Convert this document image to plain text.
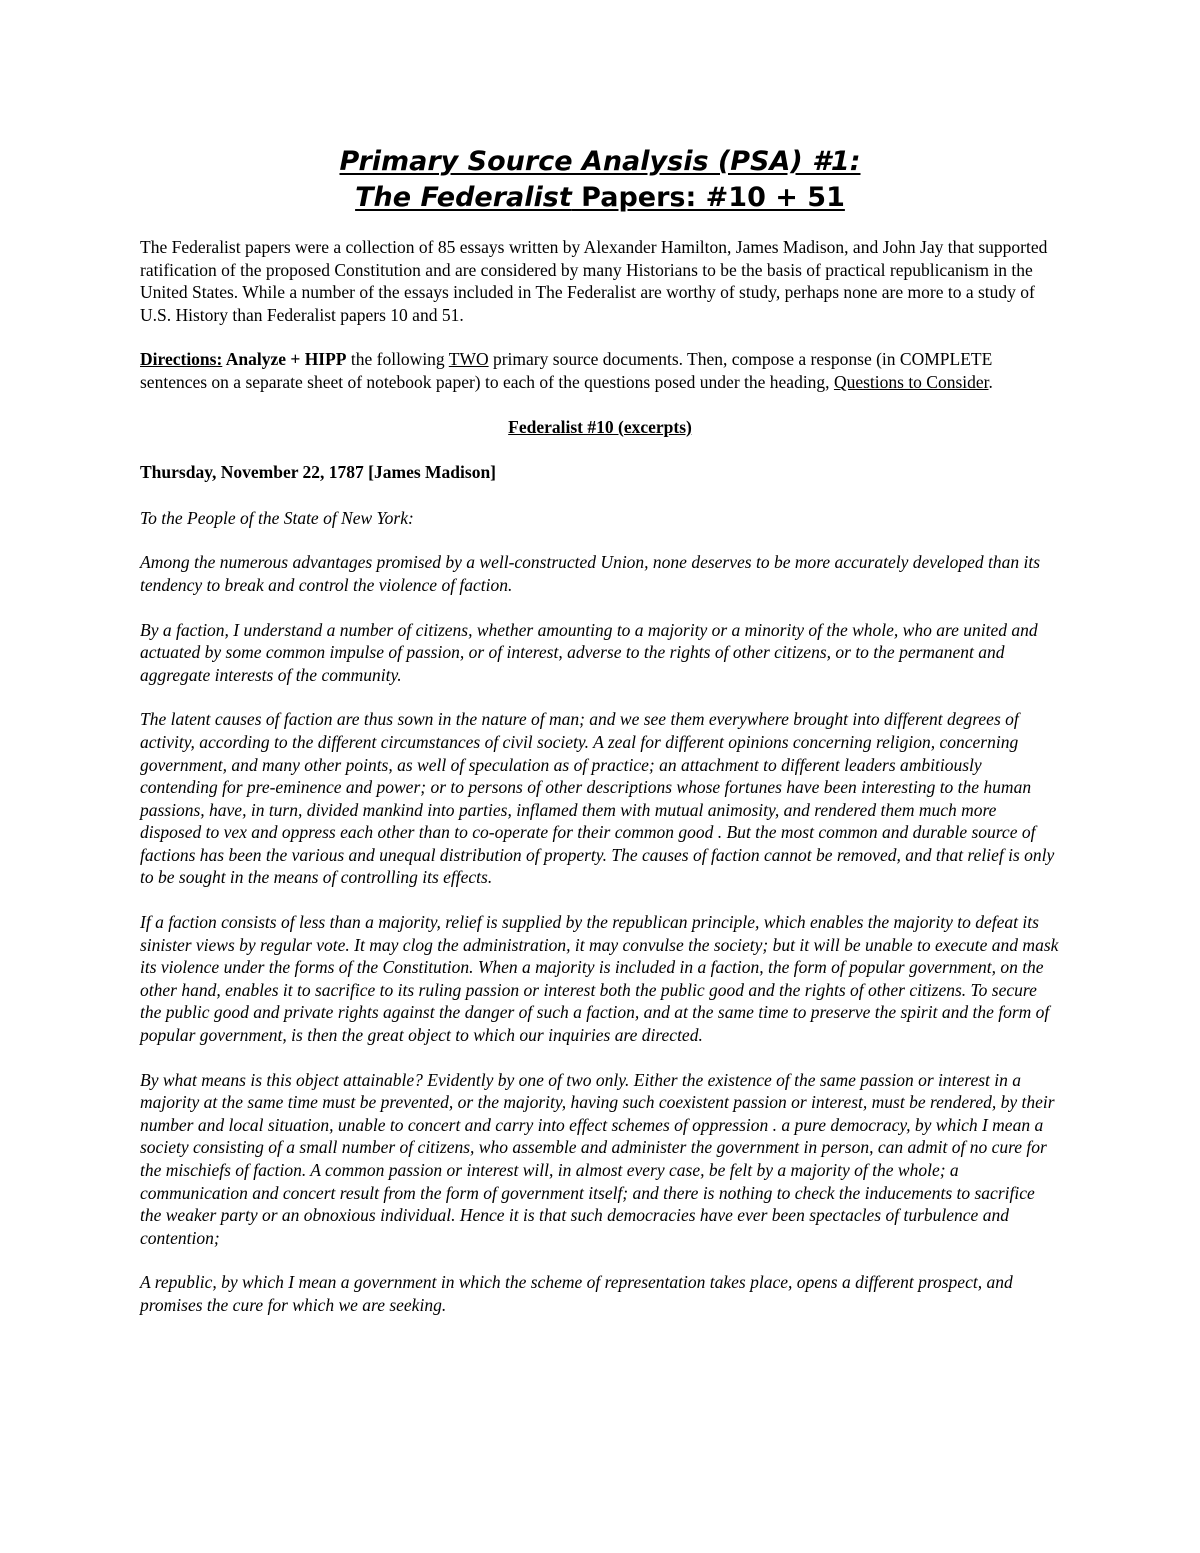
Primary Source Analysis (PSA) #1:
The Federalist Papers: #10 + 51

The Federalist papers were a collection of 85 essays written by Alexander Hamilton, James Madison, and John Jay that supported ratification of the proposed Constitution and are considered by many Historians to be the basis of practical republicanism in the United States. While a number of the essays included in The Federalist are worthy of study, perhaps none are more to a study of U.S. History than Federalist papers 10 and 51.

Directions: Analyze + HIPP the following TWO primary source documents. Then, compose a response (in COMPLETE sentences on a separate sheet of notebook paper) to each of the questions posed under the heading, Questions to Consider.

Federalist #10 (excerpts)

Thursday, November 22, 1787 [James Madison]

To the People of the State of New York:

Among the numerous advantages promised by a well-constructed Union, none deserves to be more accurately developed than its tendency to break and control the violence of faction.

By a faction, I understand a number of citizens, whether amounting to a majority or a minority of the whole, who are united and actuated by some common impulse of passion, or of interest, adverse to the rights of other citizens, or to the permanent and aggregate interests of the community.

The latent causes of faction are thus sown in the nature of man; and we see them everywhere brought into different degrees of activity, according to the different circumstances of civil society. A zeal for different opinions concerning religion, concerning government, and many other points, as well of speculation as of practice; an attachment to different leaders ambitiously contending for pre-eminence and power; or to persons of other descriptions whose fortunes have been interesting to the human passions, have, in turn, divided mankind into parties, inflamed them with mutual animosity, and rendered them much more disposed to vex and oppress each other than to co-operate for their common good . But the most common and durable source of factions has been the various and unequal distribution of property. The causes of faction cannot be removed, and that relief is only to be sought in the means of controlling its effects.

If a faction consists of less than a majority, relief is supplied by the republican principle, which enables the majority to defeat its sinister views by regular vote. It may clog the administration, it may convulse the society; but it will be unable to execute and mask its violence under the forms of the Constitution. When a majority is included in a faction, the form of popular government, on the other hand, enables it to sacrifice to its ruling passion or interest both the public good and the rights of other citizens. To secure the public good and private rights against the danger of such a faction, and at the same time to preserve the spirit and the form of popular government, is then the great object to which our inquiries are directed.

By what means is this object attainable? Evidently by one of two only. Either the existence of the same passion or interest in a majority at the same time must be prevented, or the majority, having such coexistent passion or interest, must be rendered, by their number and local situation, unable to concert and carry into effect schemes of oppression . a pure democracy, by which I mean a society consisting of a small number of citizens, who assemble and administer the government in person, can admit of no cure for the mischiefs of faction. A common passion or interest will, in almost every case, be felt by a majority of the whole; a communication and concert result from the form of government itself; and there is nothing to check the inducements to sacrifice the weaker party or an obnoxious individual. Hence it is that such democracies have ever been spectacles of turbulence and contention;

A republic, by which I mean a government in which the scheme of representation takes place, opens a different prospect, and promises the cure for which we are seeking.
